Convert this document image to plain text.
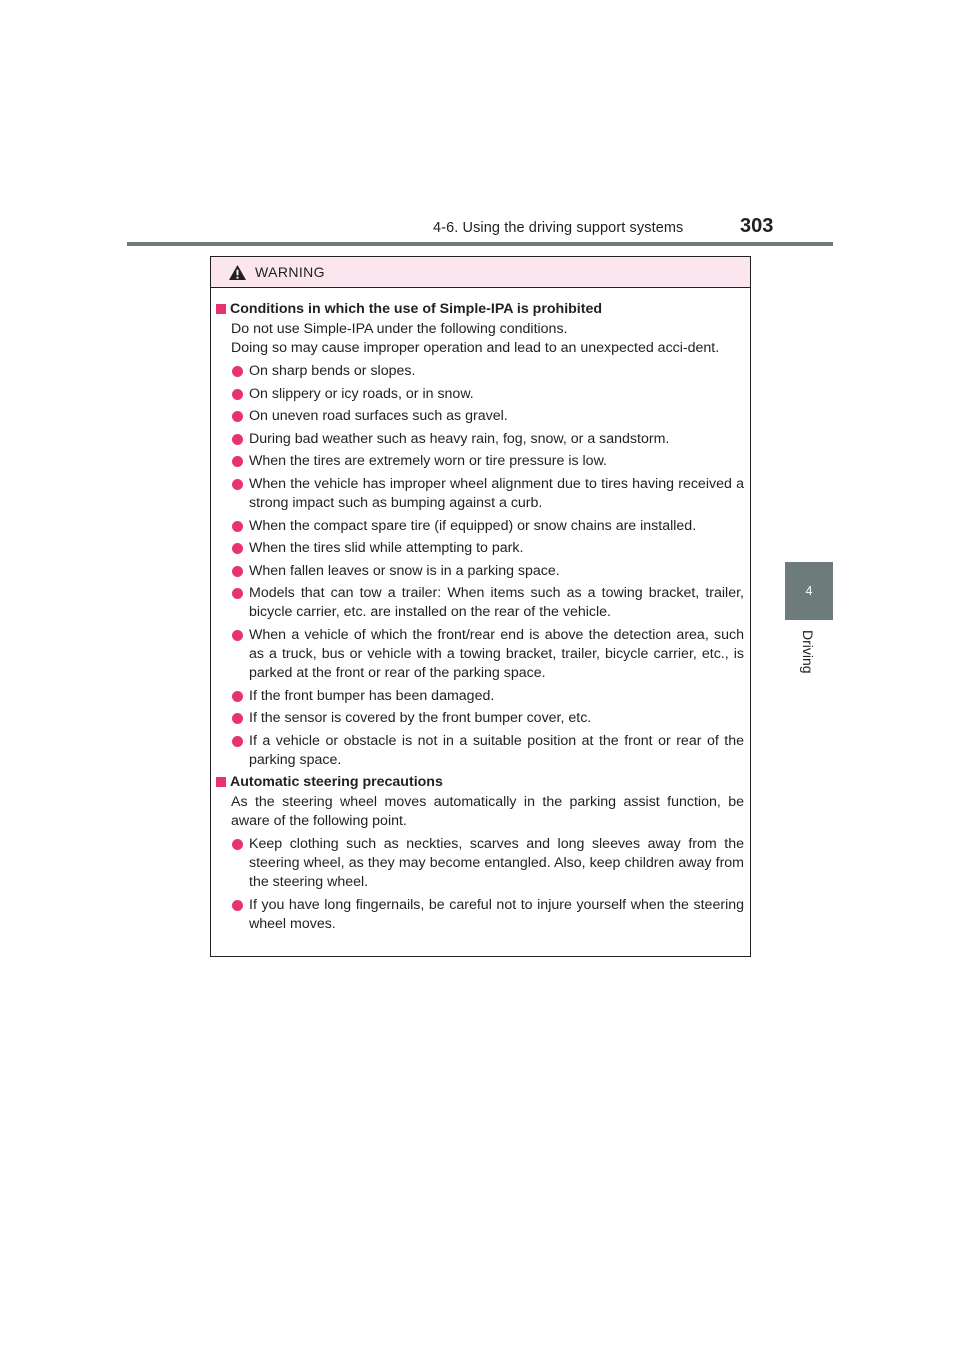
4-6. Using the driving support systems	303
4
Driving
WARNING
Conditions in which the use of Simple-IPA is prohibited
Do not use Simple-IPA under the following conditions.
Doing so may cause improper operation and lead to an unexpected acci-dent.
On sharp bends or slopes.
On slippery or icy roads, or in snow.
On uneven road surfaces such as gravel.
During bad weather such as heavy rain, fog, snow, or a sandstorm.
When the tires are extremely worn or tire pressure is low.
When the vehicle has improper wheel alignment due to tires having received a strong impact such as bumping against a curb.
When the compact spare tire (if equipped) or snow chains are installed.
When the tires slid while attempting to park.
When fallen leaves or snow is in a parking space.
Models that can tow a trailer: When items such as a towing bracket, trailer, bicycle carrier, etc. are installed on the rear of the vehicle.
When a vehicle of which the front/rear end is above the detection area, such as a truck, bus or vehicle with a towing bracket, trailer, bicycle carrier, etc., is parked at the front or rear of the parking space.
If the front bumper has been damaged.
If the sensor is covered by the front bumper cover, etc.
If a vehicle or obstacle is not in a suitable position at the front or rear of the parking space.
Automatic steering precautions
As the steering wheel moves automatically in the parking assist function, be aware of the following point.
Keep clothing such as neckties, scarves and long sleeves away from the steering wheel, as they may become entangled. Also, keep children away from the steering wheel.
If you have long fingernails, be careful not to injure yourself when the steering wheel moves.
